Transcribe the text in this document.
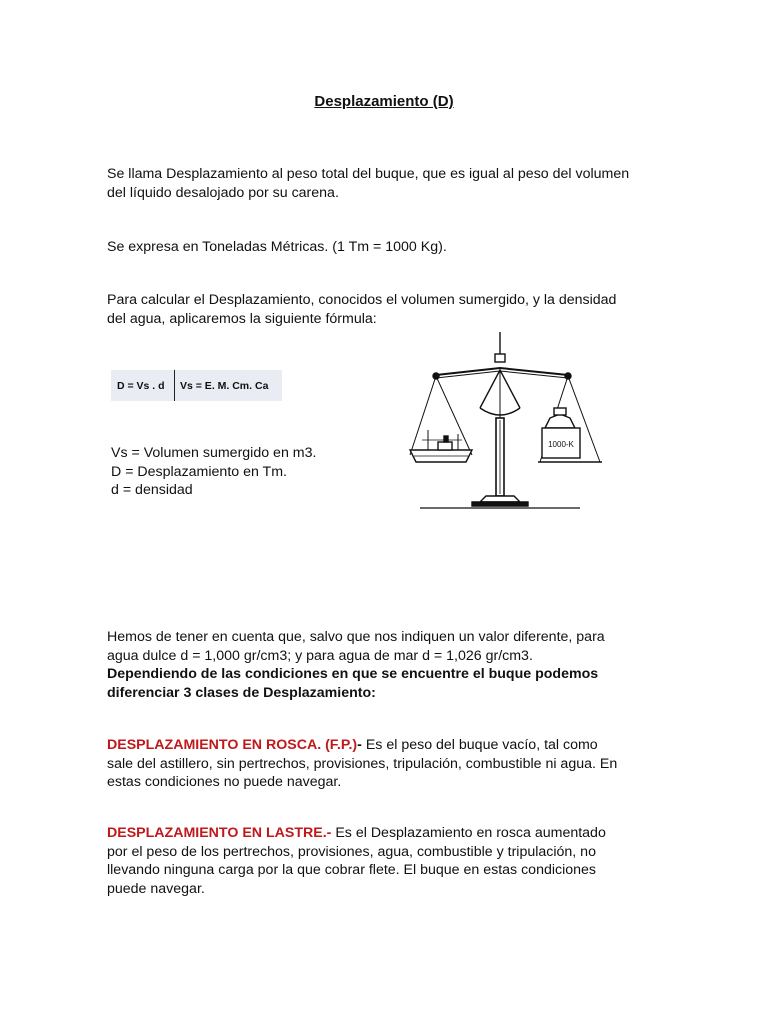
Desplazamiento (D)
Se llama Desplazamiento al peso total del buque, que es igual al peso del volumen
del líquido desalojado por su carena.
Se expresa en Toneladas Métricas. (1 Tm = 1000 Kg).
Para calcular el Desplazamiento, conocidos el volumen sumergido, y la densidad
del agua, aplicaremos la siguiente fórmula:
D = Vs . d	Vs = E. M. Cm. Ca
Vs = Volumen sumergido en m3.
D = Desplazamiento en Tm.
d = densidad
1000-K
Hemos de tener en cuenta que, salvo que nos indiquen un valor diferente, para
agua dulce d = 1,000 gr/cm3; y para agua de mar d = 1,026 gr/cm3.
Dependiendo de las condiciones en que se encuentre el buque podemos
diferenciar 3 clases de Desplazamiento:
DESPLAZAMIENTO EN ROSCA. (F.P.)- Es el peso del buque vacío, tal como
sale del astillero, sin pertrechos, provisiones, tripulación, combustible ni agua. En
estas condiciones no puede navegar.
DESPLAZAMIENTO EN LASTRE.- Es el Desplazamiento en rosca aumentado
por el peso de los pertrechos, provisiones, agua, combustible y tripulación, no
llevando ninguna carga por la que cobrar flete. El buque en estas condiciones
puede navegar.
